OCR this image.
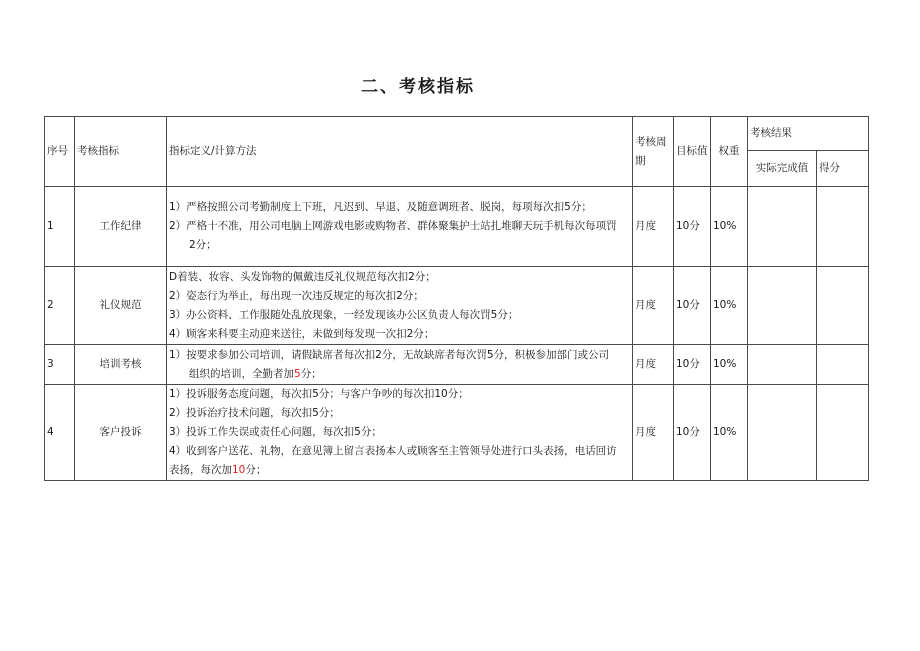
二、考核指标
序号	考核指标	指标定义/计算方法	考核周期	目标值	权重	考核结果	
						实际完成值	得分
1	工作纪律	1）严格按照公司考勤制度上下班，凡迟到、早退、及随意调班者、脱岗，每项每次扣5分；
2）严格十不准，用公司电脑上网游戏电影或购物者、群体聚集护士站扎堆聊天玩手机每次每项罚
2分；	月度	10分	10%		
2	礼仪规范	D着装、妆容、头发饰物的佩戴违反礼仪规范每次扣2分；
2）姿态行为举止，每出现一次违反规定的每次扣2分；
3）办公资料、工作服随处乱放现象，一经发现该办公区负责人每次罚5分；
4）顾客来科要主动迎来送往，未做到每发现一次扣2分；	月度	10分	10%		
3	培训考核	1）按要求参加公司培训，请假缺席者每次扣2分，无故缺席者每次罚5分，积极参加部门或公司
组织的培训，全勤者加5分；	月度	10分	10%		
4	客户投诉	1）投诉服务态度问题，每次扣5分；与客户争吵的每次扣10分；
2）投诉治疗技术问题，每次扣5分；
3）投诉工作失误或责任心问题，每次扣5分；
4）收到客户送花、礼物，在意见簿上留言表扬本人或顾客至主管领导处进行口头表扬，电话回访
表扬，每次加10分；	月度	10分	10%		
